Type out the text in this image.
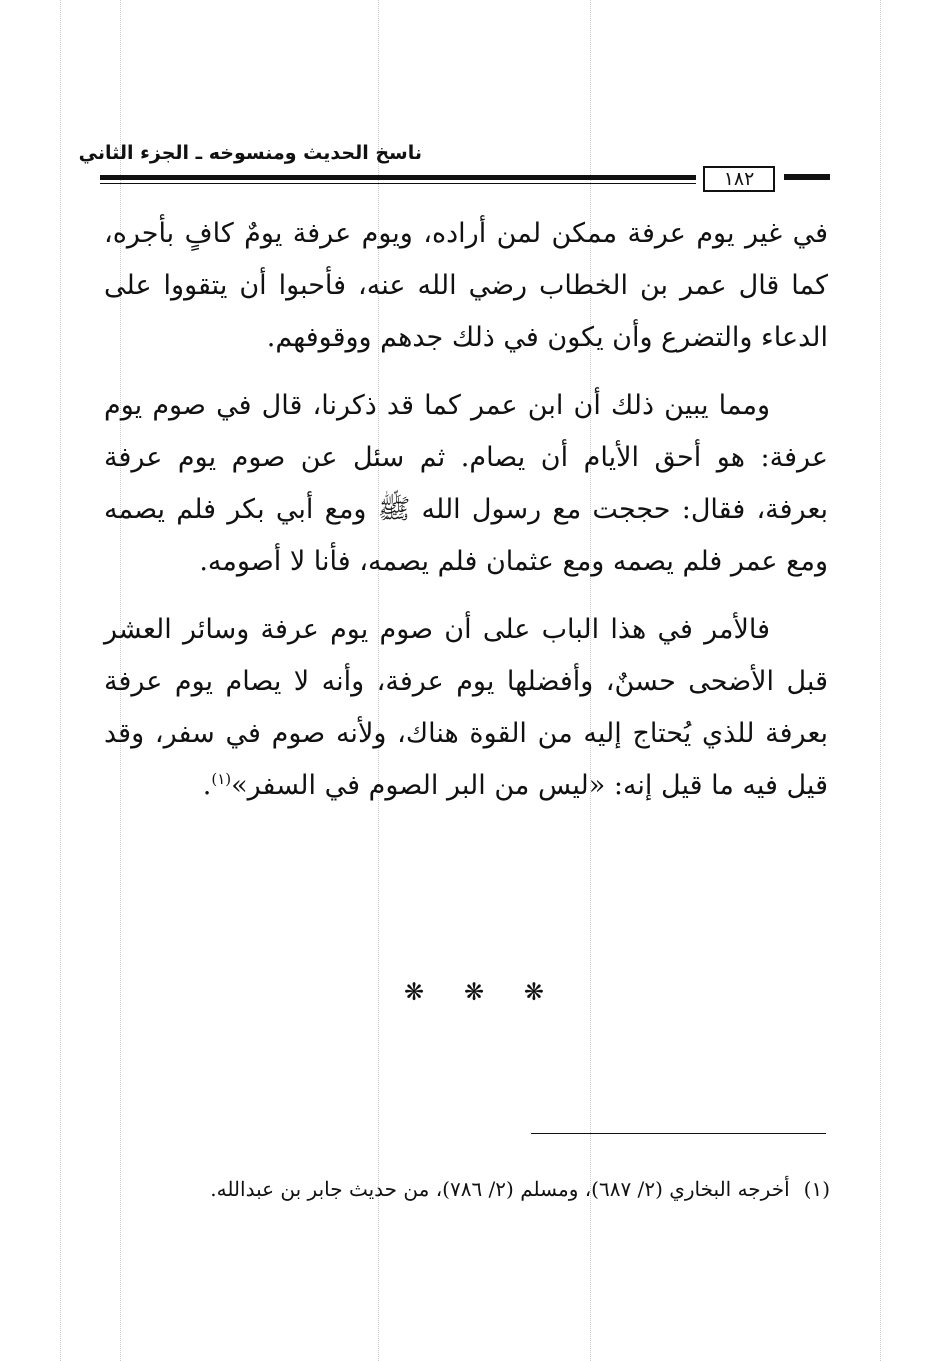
ناسخ الحديث ومنسوخه ـ الجزء الثاني
١٨٢

في غير يوم عرفة ممكن لمن أراده، ويوم عرفة يومٌ كافٍ بأجره، كما قال عمر بن الخطاب رضي الله عنه، فأحبوا أن يتقووا على الدعاء والتضرع وأن يكون في ذلك جدهم ووقوفهم.

ومما يبين ذلك أن ابن عمر كما قد ذكرنا، قال في صوم يوم عرفة: هو أحق الأيام أن يصام. ثم سئل عن صوم يوم عرفة بعرفة، فقال: حججت مع رسول الله ﷺ ومع أبي بكر فلم يصمه ومع عمر فلم يصمه ومع عثمان فلم يصمه، فأنا لا أصومه.

فالأمر في هذا الباب على أن صوم يوم عرفة وسائر العشر قبل الأضحى حسنٌ، وأفضلها يوم عرفة، وأنه لا يصام يوم عرفة بعرفة للذي يُحتاج إليه من القوة هناك، ولأنه صوم في سفر، وقد قيل فيه ما قيل إنه: «ليس من البر الصوم في السفر»$^{(١)}$.

❋ ❋ ❋
(١)أخرجه البخاري (٢/ ٦٨٧)، ومسلم (٢/ ٧٨٦)، من حديث جابر بن عبدالله.
